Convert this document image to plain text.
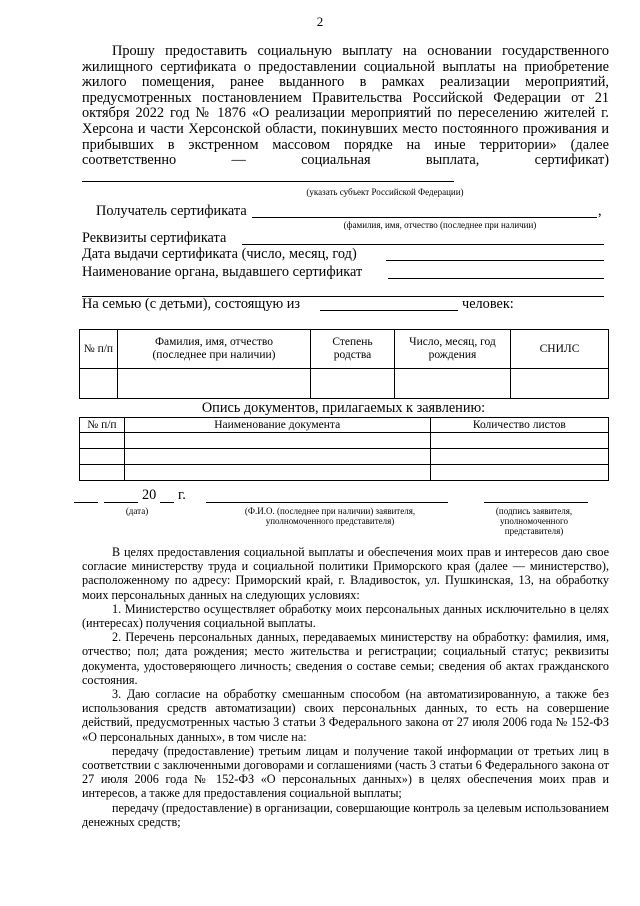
2
Прошу предоставить социальную выплату на основании государственного жилищного сертификата о предоставлении социальной выплаты на приобретение жилого помещения, ранее выданного в рамках реализации мероприятий, предусмотренных постановлением Правительства Российской Федерации от 21 октября 2022 год № 1876 «О реализации мероприятий по переселению жителей г. Херсона и части Херсонской области, покинувших место постоянного проживания и прибывших в экстренном массовом порядке на иные территории» (далее соответственно — социальная выплата, сертификат)
(указать субъект Российской Федерации)
Получатель сертификата	,
(фамилия, имя, отчество (последнее при наличии)
Реквизиты сертификата
Дата выдачи сертификата (число, месяц, год)
Наименование органа, выдавшего сертификат
На семью (с детьми), состоящую из	человек:
№ п/п	Фамилия, имя, отчество (последнее при наличии)	Степень родства	Число, месяц, год рождения	СНИЛС

Опись документов, прилагаемых к заявлению:
№ п/п	Наименование документа	Количество листов

20 г.
(дата)	(Ф.И.О. (последнее при наличии) заявителя, уполномоченного представителя)
(подпись заявителя, уполномоченного представителя)

В целях предоставления социальной выплаты и обеспечения моих прав и интересов даю свое согласие министерству труда и социальной политики Приморского края (далее — министерство), расположенному по адресу: Приморский край, г. Владивосток, ул. Пушкинская, 13, на обработку моих персональных данных на следующих условиях:

1. Министерство осуществляет обработку моих персональных данных исключительно в целях (интересах) получения социальной выплаты.

2. Перечень персональных данных, передаваемых министерству на обработку: фамилия, имя, отчество; пол; дата рождения; место жительства и регистрации; социальный статус; реквизиты документа, удостоверяющего личность; сведения о составе семьи; сведения об актах гражданского состояния.

3. Даю согласие на обработку смешанным способом (на автоматизированную, а также без использования средств автоматизации) своих персональных данных, то есть на совершение действий, предусмотренных частью 3 статьи 3 Федерального закона от 27 июля 2006 года № 152-ФЗ «О персональных данных», в том числе на:

передачу (предоставление) третьим лицам и получение такой информации от третьих лиц в соответствии с заключенными договорами и соглашениями (часть 3 статьи 6 Федерального закона от 27 июля 2006 года № 152-ФЗ «О персональных данных») в целях обеспечения моих прав и интересов, а также для предоставления социальной выплаты;

передачу (предоставление) в организации, совершающие контроль за целевым использованием денежных средств;
